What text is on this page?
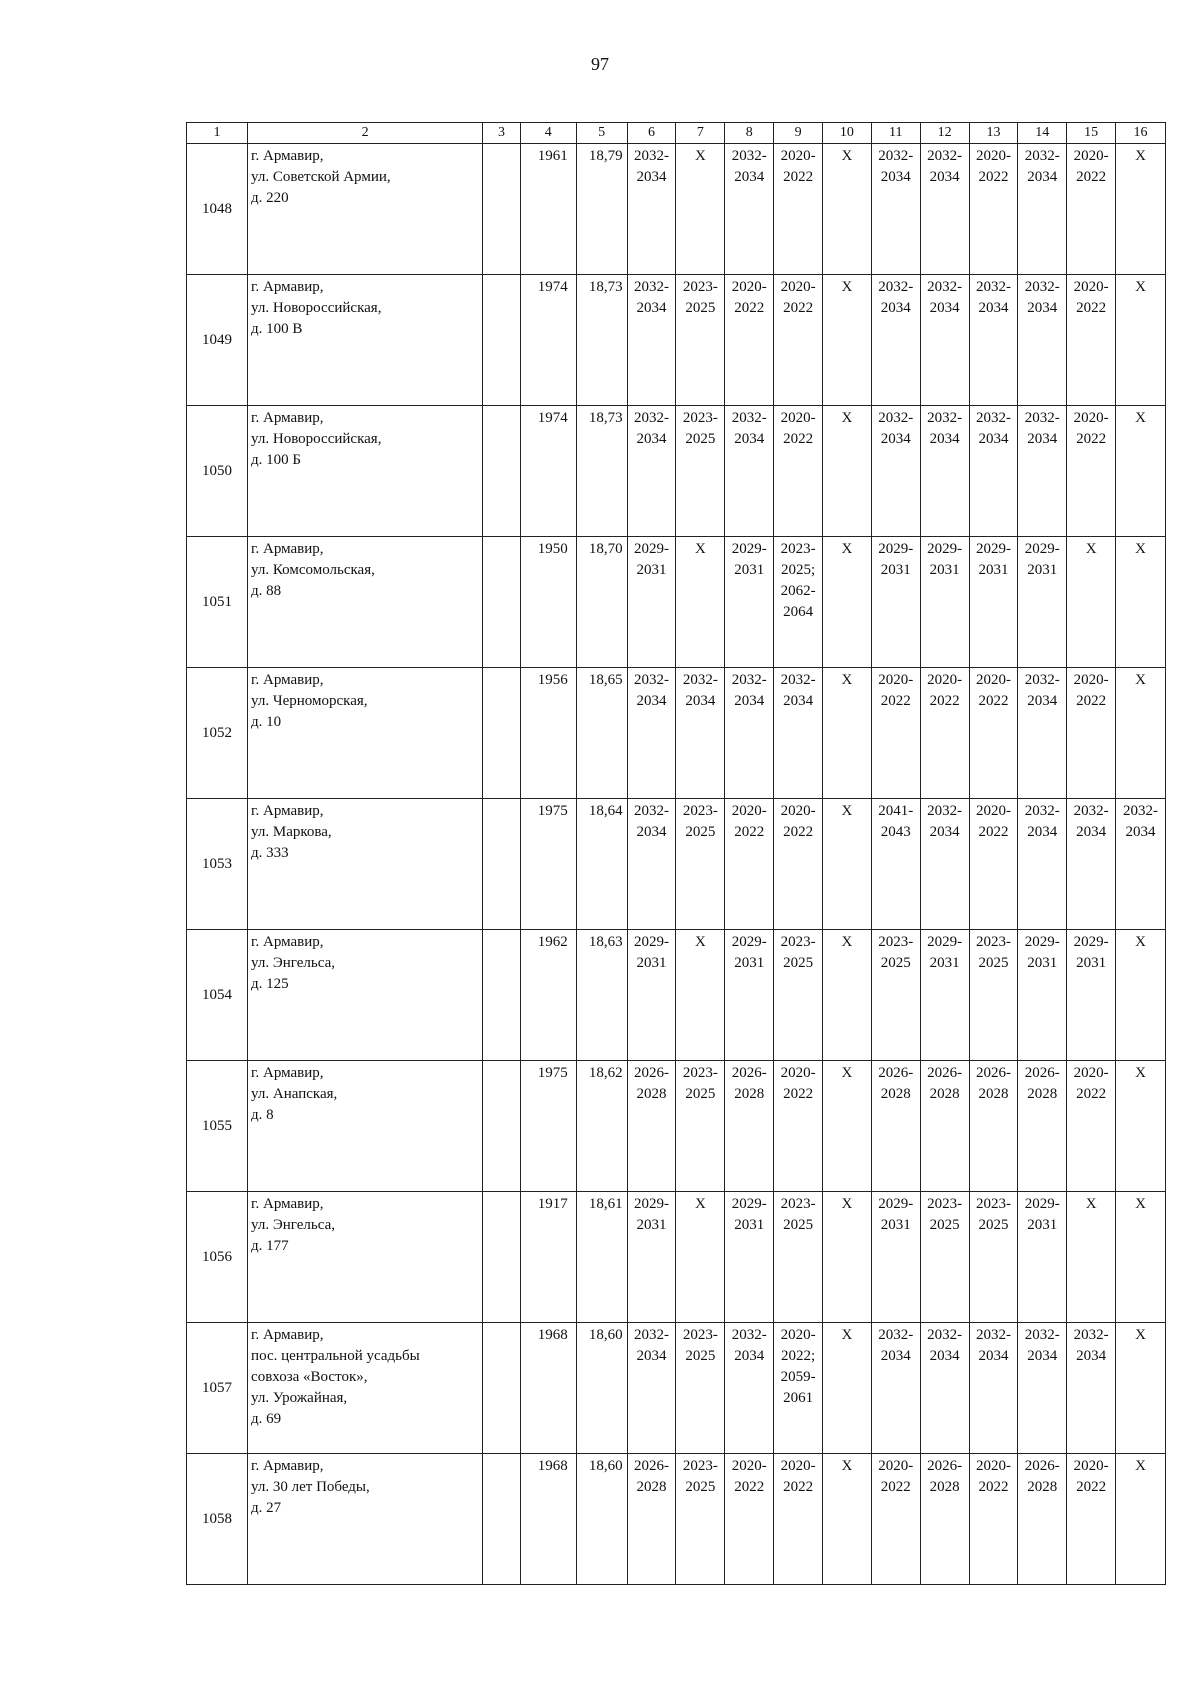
97
1	2	3	4	5	6	7	8	9	10	11	12	13	14	15	16
1048	г. Армавир,
ул. Советской Армии,
д. 220		1961	18,79	2032-
2034	X	2032-
2034	2020-
2022	X	2032-
2034	2032-
2034	2020-
2022	2032-
2034	2020-
2022	X

1049	г. Армавир,
ул. Новороссийская,
д. 100 В		1974	18,73	2032-
2034	2023-
2025	2020-
2022	2020-
2022	X	2032-
2034	2032-
2034	2032-
2034	2032-
2034	2020-
2022	X

1050	г. Армавир,
ул. Новороссийская,
д. 100 Б		1974	18,73	2032-
2034	2023-
2025	2032-
2034	2020-
2022	X	2032-
2034	2032-
2034	2032-
2034	2032-
2034	2020-
2022	X

1051	г. Армавир,
ул. Комсомольская,
д. 88		1950	18,70	2029-
2031	X	2029-
2031	2023-
2025;
2062-
2064	X	2029-
2031	2029-
2031	2029-
2031	2029-
2031	X	X

1052	г. Армавир,
ул. Черноморская,
д. 10		1956	18,65	2032-
2034	2032-
2034	2032-
2034	2032-
2034	X	2020-
2022	2020-
2022	2020-
2022	2032-
2034	2020-
2022	X

1053	г. Армавир,
ул. Маркова,
д. 333		1975	18,64	2032-
2034	2023-
2025	2020-
2022	2020-
2022	X	2041-
2043	2032-
2034	2020-
2022	2032-
2034	2032-
2034	2032-
2034

1054	г. Армавир,
ул. Энгельса,
д. 125		1962	18,63	2029-
2031	X	2029-
2031	2023-
2025	X	2023-
2025	2029-
2031	2023-
2025	2029-
2031	2029-
2031	X

1055	г. Армавир,
ул. Анапская,
д. 8		1975	18,62	2026-
2028	2023-
2025	2026-
2028	2020-
2022	X	2026-
2028	2026-
2028	2026-
2028	2026-
2028	2020-
2022	X

1056	г. Армавир,
ул. Энгельса,
д. 177		1917	18,61	2029-
2031	X	2029-
2031	2023-
2025	X	2029-
2031	2023-
2025	2023-
2025	2029-
2031	X	X

1057	г. Армавир,
пос. центральной усадьбы
совхоза «Восток»,
ул. Урожайная,
д. 69		1968	18,60	2032-
2034	2023-
2025	2032-
2034	2020-
2022;
2059-
2061	X	2032-
2034	2032-
2034	2032-
2034	2032-
2034	2032-
2034	X

1058	г. Армавир,
ул. 30 лет Победы,
д. 27		1968	18,60	2026-
2028	2023-
2025	2020-
2022	2020-
2022	X	2020-
2022	2026-
2028	2020-
2022	2026-
2028	2020-
2022	X
